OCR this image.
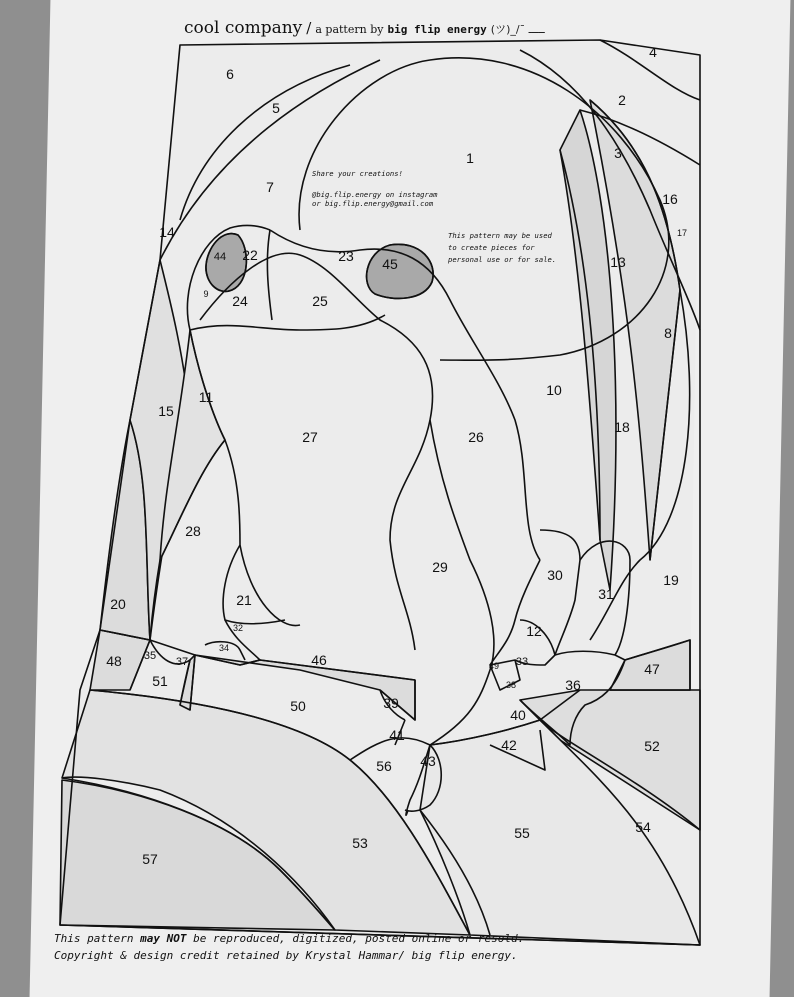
cool company / a pattern by big flip energy (ツ)_/¯ ـــــ
Share your creations!
@big.flip.energy on instagram
or big.flip.energy@gmail.com
This pattern may be used
to create pieces for
personal use or for sale.
1
2
3
4
5
6
7
8
9
10
11
12
13
14
15
16
17
18
19
20	21
22	23
24	25
26
27
28
29	30
31
32
33
34
35
36
37
38
39
40
41
42
43
44	45
46
47
48	49
50
51
52
53
54
55
56
57
This pattern may NOT be reproduced, digitized, posted online or resold.
Copyright & design credit retained by Krystal Hammar/ big flip energy.
